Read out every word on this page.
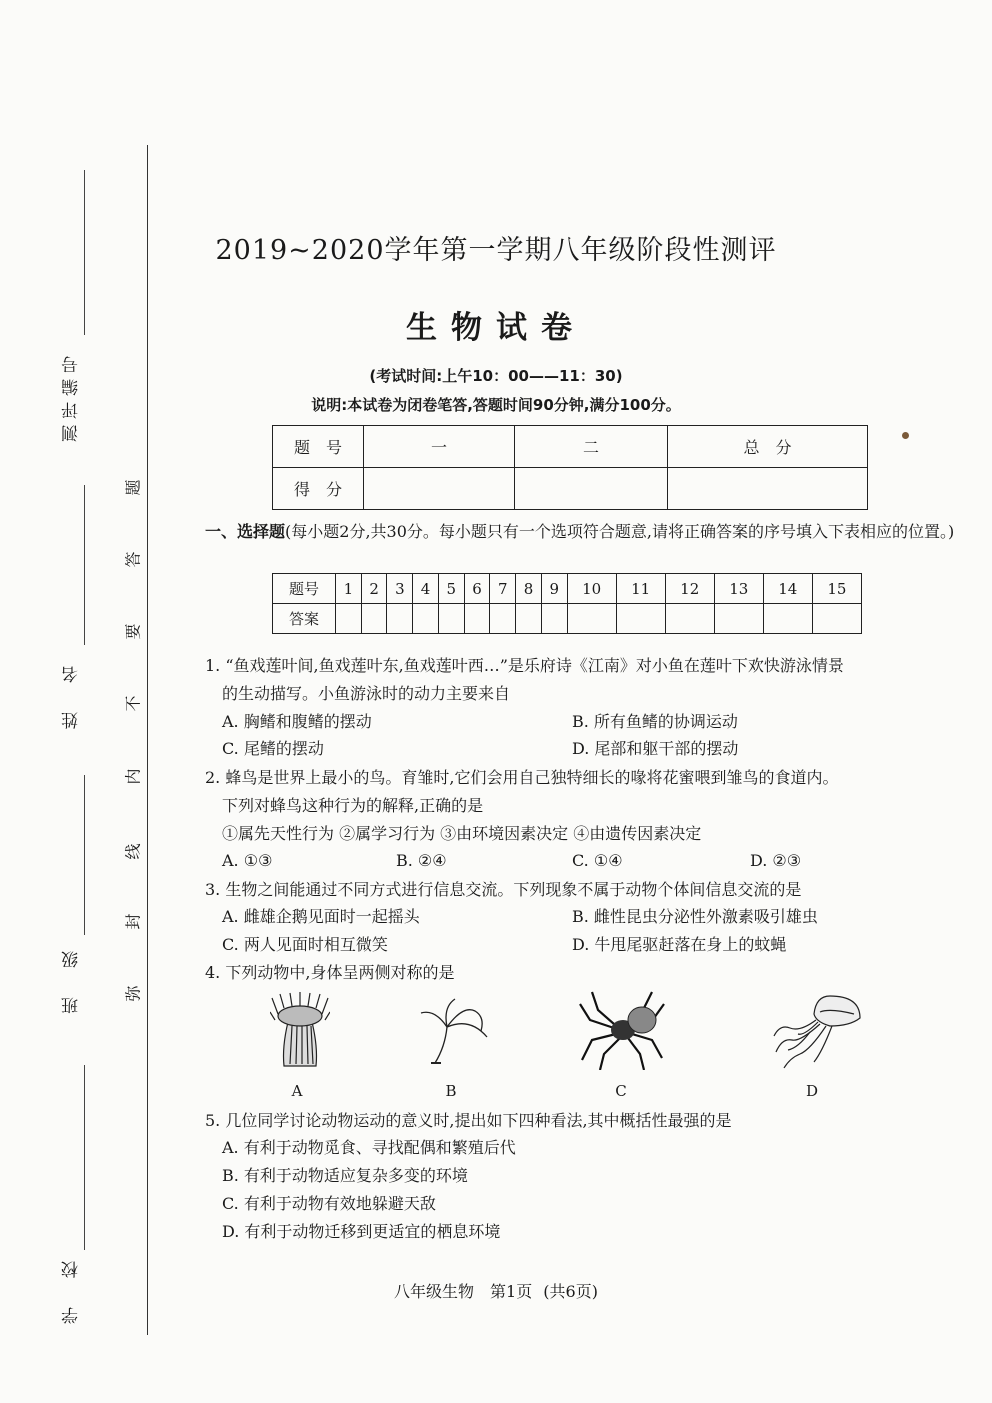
测评编号
姓　名
班　级
学　校
弥
封
线
内
不
要
答
题
2019~2020学年第一学期八年级阶段性测评
生物试卷
(考试时间:上午10：00——11：30)
说明:本试卷为闭卷笔答,答题时间90分钟,满分100分。
题　号	一	二	总　分
得　分			
一、选择题(每小题2分,共30分。每小题只有一个选项符合题意,请将正确答案的序号填入下表相应的位置。)
题号	1	2	3	4	5	6	7	8	9	10	11	12	13	14	15
答案															
1. “鱼戏莲叶间,鱼戏莲叶东,鱼戏莲叶西…”是乐府诗《江南》对小鱼在莲叶下欢快游泳情景
的生动描写。小鱼游泳时的动力主要来自
A. 胸鳍和腹鳍的摆动	B. 所有鱼鳍的协调运动
C. 尾鳍的摆动	D. 尾部和躯干部的摆动
2. 蜂鸟是世界上最小的鸟。育雏时,它们会用自己独特细长的喙将花蜜喂到雏鸟的食道内。
下列对蜂鸟这种行为的解释,正确的是
①属先天性行为 ②属学习行为 ③由环境因素决定 ④由遗传因素决定
A. ①③	B. ②④	C. ①④	D. ②③
3. 生物之间能通过不同方式进行信息交流。下列现象不属于动物个体间信息交流的是
A. 雌雄企鹅见面时一起摇头	B. 雌性昆虫分泌性外激素吸引雄虫
C. 两人见面时相互微笑	D. 牛甩尾驱赶落在身上的蚊蝇
4. 下列动物中,身体呈两侧对称的是
A	B	C	D
5. 几位同学讨论动物运动的意义时,提出如下四种看法,其中概括性最强的是
A. 有利于动物觅食、寻找配偶和繁殖后代
B. 有利于动物适应复杂多变的环境
C. 有利于动物有效地躲避天敌
D. 有利于动物迁移到更适宜的栖息环境
八年级生物　第1页 (共6页)
